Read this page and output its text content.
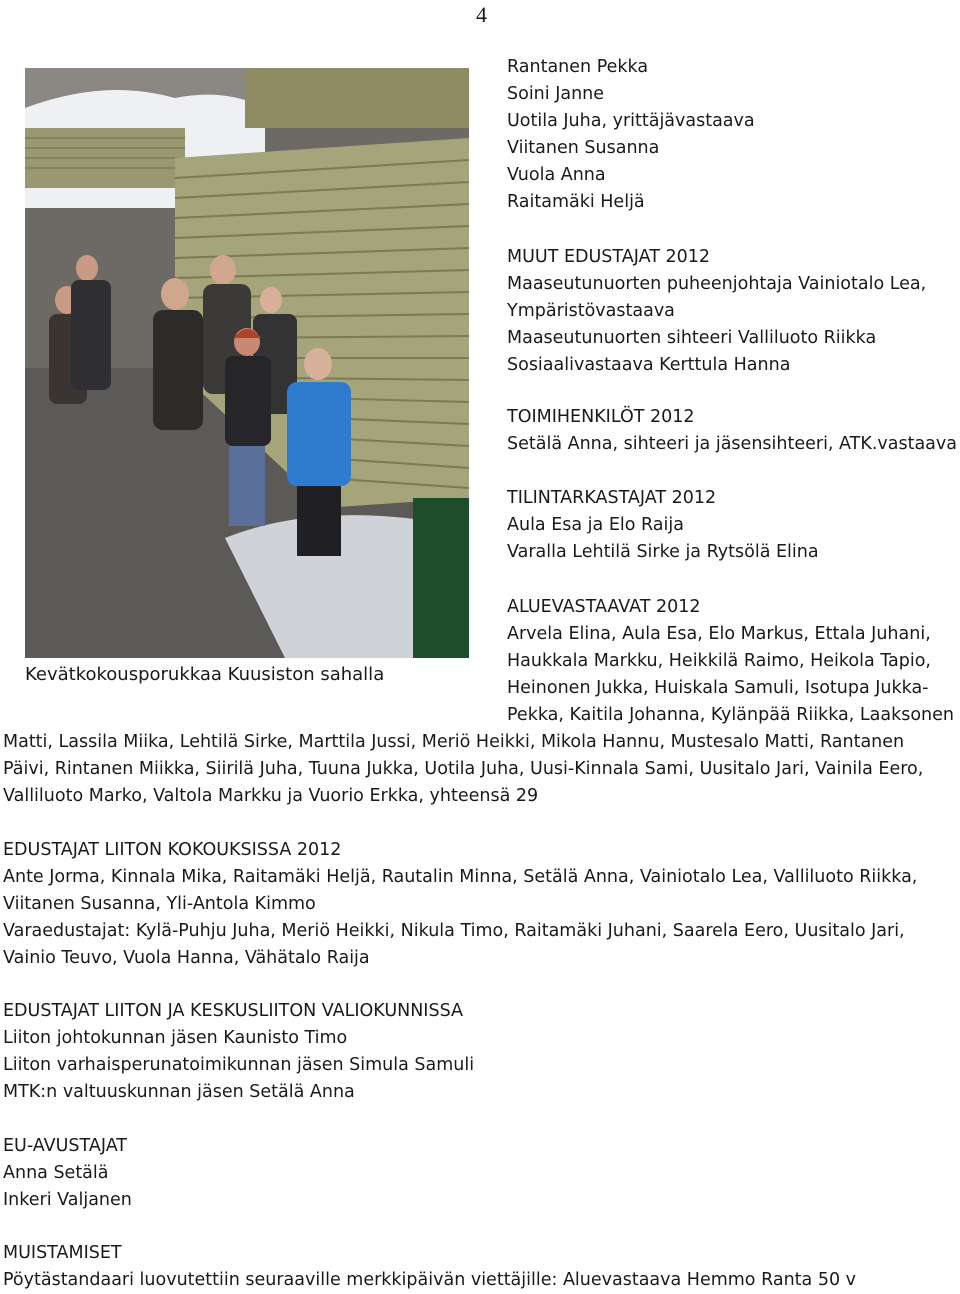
4
Kevätkokousporukkaa Kuusiston sahalla
Rantanen Pekka
Soini Janne
Uotila Juha, yrittäjävastaava
Viitanen Susanna
Vuola Anna
Raitamäki Heljä
MUUT EDUSTAJAT 2012
Maaseutunuorten puheenjohtaja Vainiotalo Lea,
Ympäristövastaava
Maaseutunuorten sihteeri Valliluoto Riikka
Sosiaalivastaava Kerttula Hanna
TOIMIHENKILÖT 2012
Setälä Anna, sihteeri ja jäsensihteeri, ATK.vastaava
TILINTARKASTAJAT 2012
Aula Esa ja Elo Raija
Varalla Lehtilä Sirke ja Rytsölä Elina
ALUEVASTAAVAT 2012
Arvela Elina, Aula Esa, Elo Markus, Ettala Juhani,
Haukkala Markku, Heikkilä Raimo, Heikola Tapio,
Heinonen Jukka, Huiskala Samuli, Isotupa Jukka-
Pekka, Kaitila Johanna, Kylänpää Riikka, Laaksonen
Matti, Lassila Miika, Lehtilä Sirke, Marttila Jussi, Meriö Heikki, Mikola Hannu, Mustesalo Matti, Rantanen
Päivi, Rintanen Miikka, Siirilä Juha, Tuuna Jukka, Uotila Juha, Uusi-Kinnala Sami, Uusitalo Jari, Vainila Eero,
Valliluoto Marko, Valtola Markku ja Vuorio Erkka, yhteensä 29
EDUSTAJAT LIITON KOKOUKSISSA 2012
Ante Jorma, Kinnala Mika, Raitamäki Heljä, Rautalin Minna, Setälä Anna, Vainiotalo Lea, Valliluoto Riikka,
Viitanen Susanna, Yli-Antola Kimmo
Varaedustajat: Kylä-Puhju Juha, Meriö Heikki, Nikula Timo, Raitamäki Juhani, Saarela Eero, Uusitalo Jari,
Vainio Teuvo, Vuola Hanna, Vähätalo Raija
EDUSTAJAT LIITON JA KESKUSLIITON VALIOKUNNISSA
Liiton johtokunnan jäsen Kaunisto Timo
Liiton varhaisperunatoimikunnan jäsen Simula Samuli
MTK:n valtuuskunnan jäsen Setälä Anna
EU-AVUSTAJAT
Anna Setälä
Inkeri Valjanen
MUISTAMISET
Pöytästandaari luovutettiin seuraaville merkkipäivän viettäjille: Aluevastaava Hemmo Ranta 50 v
